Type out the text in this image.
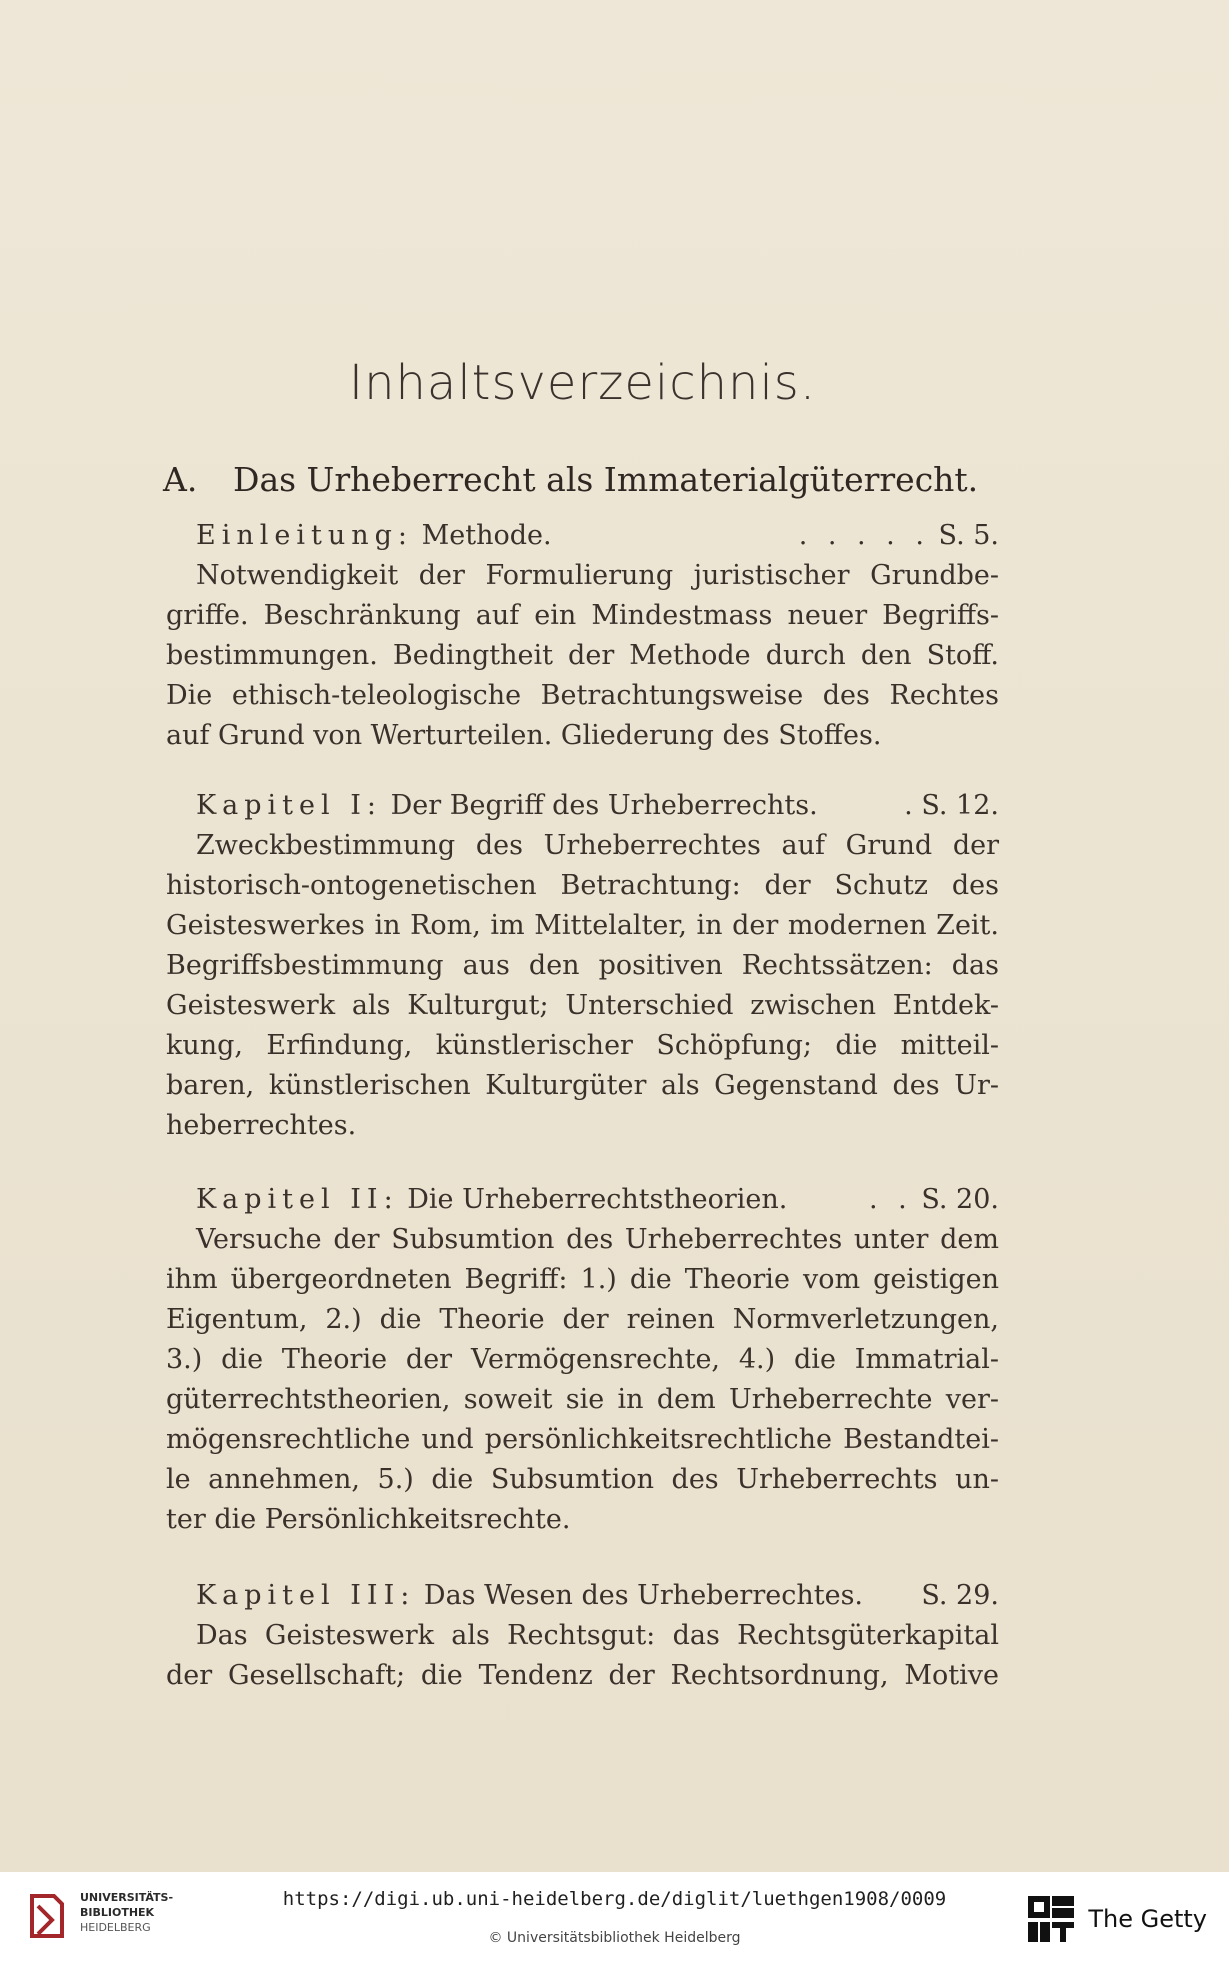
Inhaltsverzeichnis.
A. Das Urheberrecht als Immaterialgüterrecht.
Einleitung: Methode.	. . . . . S. 5.
Notwendigkeit der Formulierung juristischer Grundbe-
griffe. Beschränkung auf ein Mindestmass neuer Begriffs-
bestimmungen. Bedingtheit der Methode durch den Stoff.
Die ethisch-teleologische Betrachtungsweise des Rechtes
auf Grund von Werturteilen. Gliederung des Stoffes.
Kapitel I: Der Begriff des Urheberrechts.	. S. 12.
Zweckbestimmung des Urheberrechtes auf Grund der
historisch-ontogenetischen Betrachtung: der Schutz des
Geisteswerkes in Rom, im Mittelalter, in der modernen Zeit.
Begriffsbestimmung aus den positiven Rechtssätzen: das
Geisteswerk als Kulturgut; Unterschied zwischen Entdek-
kung, Erfindung, künstlerischer Schöpfung; die mitteil-
baren, künstlerischen Kulturgüter als Gegenstand des Ur-
heberrechtes.
Kapitel II: Die Urheberrechtstheorien.	. . S. 20.
Versuche der Subsumtion des Urheberrechtes unter dem
ihm übergeordneten Begriff: 1.) die Theorie vom geistigen
Eigentum, 2.) die Theorie der reinen Normverletzungen,
3.) die Theorie der Vermögensrechte, 4.) die Immatrial-
güterrechtstheorien, soweit sie in dem Urheberrechte ver-
mögensrechtliche und persönlichkeitsrechtliche Bestandtei-
le annehmen, 5.) die Subsumtion des Urheberrechts un-
ter die Persönlichkeitsrechte.
Kapitel III: Das Wesen des Urheberrechtes. S. 29.
Das Geisteswerk als Rechtsgut: das Rechtsgüterkapital
der Gesellschaft; die Tendenz der Rechtsordnung, Motive
UNIVERSITÄTS-
BIBLIOTHEK
HEIDELBERG
https://digi.ub.uni-heidelberg.de/diglit/luethgen1908/0009
© Universitätsbibliothek Heidelberg
The Getty
